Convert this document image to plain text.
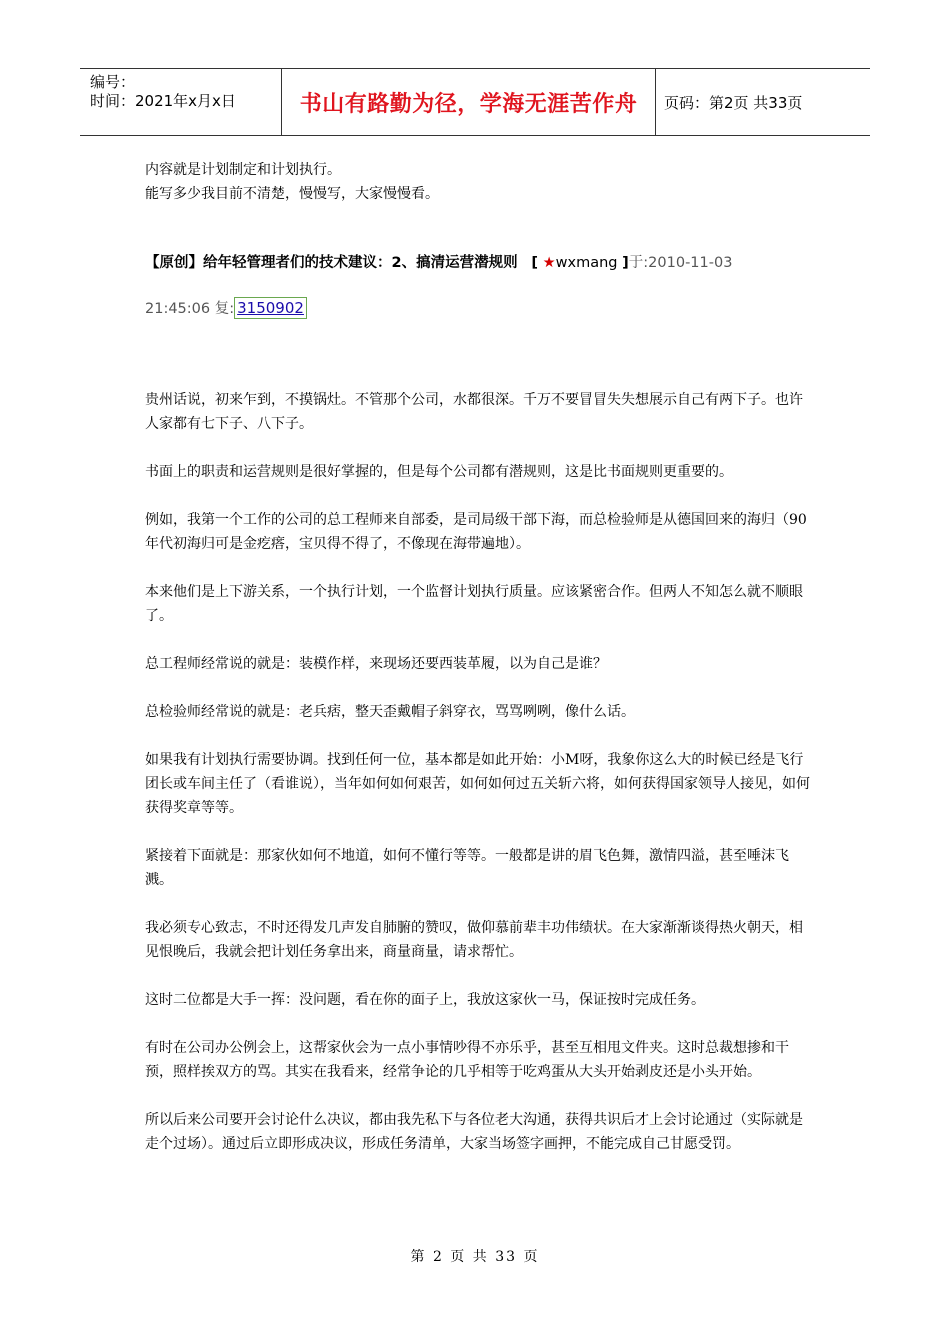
编号：
时间：2021年x月x日	书山有路勤为径，学海无涯苦作舟	页码：第2页 共33页

内容就是计划制定和计划执行。

能写多少我目前不清楚，慢慢写，大家慢慢看。

【原创】给年轻管理者们的技术建议：2、搞清运营潜规则 [ ★wxmang ]于:2010-11-03
21:45:06 复: 3150902

贵州话说，初来乍到，不摸锅灶。不管那个公司，水都很深。千万不要冒冒失失想展示自己有两下子。也许人家都有七下子、八下子。

书面上的职责和运营规则是很好掌握的，但是每个公司都有潜规则，这是比书面规则更重要的。

例如，我第一个工作的公司的总工程师来自部委，是司局级干部下海，而总检验师是从德国回来的海归（90年代初海归可是金疙瘩，宝贝得不得了，不像现在海带遍地）。

本来他们是上下游关系，一个执行计划，一个监督计划执行质量。应该紧密合作。但两人不知怎么就不顺眼了。

总工程师经常说的就是：装模作样，来现场还要西装革履，以为自己是谁？

总检验师经常说的就是：老兵痞，整天歪戴帽子斜穿衣，骂骂咧咧，像什么话。

如果我有计划执行需要协调。找到任何一位，基本都是如此开始：小M呀，我象你这么大的时候已经是飞行团长或车间主任了（看谁说），当年如何如何艰苦，如何如何过五关斩六将，如何获得国家领导人接见，如何获得奖章等等。

紧接着下面就是：那家伙如何不地道，如何不懂行等等。一般都是讲的眉飞色舞，激情四溢，甚至唾沫飞溅。

我必须专心致志，不时还得发几声发自肺腑的赞叹，做仰慕前辈丰功伟绩状。在大家渐渐谈得热火朝天，相见恨晚后，我就会把计划任务拿出来，商量商量，请求帮忙。

这时二位都是大手一挥：没问题，看在你的面子上，我放这家伙一马，保证按时完成任务。

有时在公司办公例会上，这帮家伙会为一点小事情吵得不亦乐乎，甚至互相甩文件夹。这时总裁想掺和干预，照样挨双方的骂。其实在我看来，经常争论的几乎相等于吃鸡蛋从大头开始剥皮还是小头开始。

所以后来公司要开会讨论什么决议，都由我先私下与各位老大沟通，获得共识后才上会讨论通过（实际就是走个过场）。通过后立即形成决议，形成任务清单，大家当场签字画押，不能完成自己甘愿受罚。

第 2 页 共 33 页
